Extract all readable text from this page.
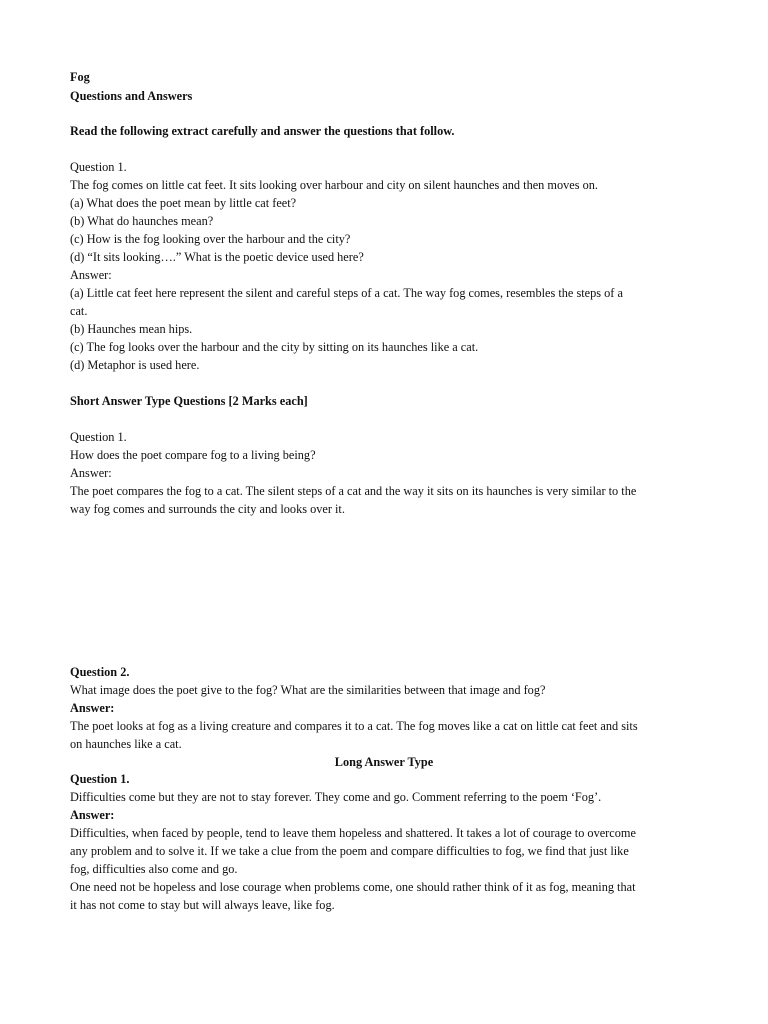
Fog
Questions and Answers
Read the following extract carefully and answer the questions that follow.
Question 1.
The fog comes on little cat feet. It sits looking over harbour and city on silent haunches and then moves on.
(a) What does the poet mean by little cat feet?
(b) What do haunches mean?
(c) How is the fog looking over the harbour and the city?
(d) “It sits looking….” What is the poetic device used here?
Answer:
(a) Little cat feet here represent the silent and careful steps of a cat. The way fog comes, resembles the steps of a
cat.
(b) Haunches mean hips.
(c) The fog looks over the harbour and the city by sitting on its haunches like a cat.
(d) Metaphor is used here.
Short Answer Type Questions [2 Marks each]
Question 1.
How does the poet compare fog to a living being?
Answer:
The poet compares the fog to a cat. The silent steps of a cat and the way it sits on its haunches is very similar to the
way fog comes and surrounds the city and looks over it.
Question 2.
What image does the poet give to the fog? What are the similarities between that image and fog?
Answer:
The poet looks at fog as a living creature and compares it to a cat. The fog moves like a cat on little cat feet and sits
on haunches like a cat.
Long Answer Type
Question 1.
Difficulties come but they are not to stay forever. They come and go. Comment referring to the poem ‘Fog’.
Answer:
Difficulties, when faced by people, tend to leave them hopeless and shattered. It takes a lot of courage to overcome
any problem and to solve it. If we take a clue from the poem and compare difficulties to fog, we find that just like
fog, difficulties also come and go.
One need not be hopeless and lose courage when problems come, one should rather think of it as fog, meaning that
it has not come to stay but will always leave, like fog.
